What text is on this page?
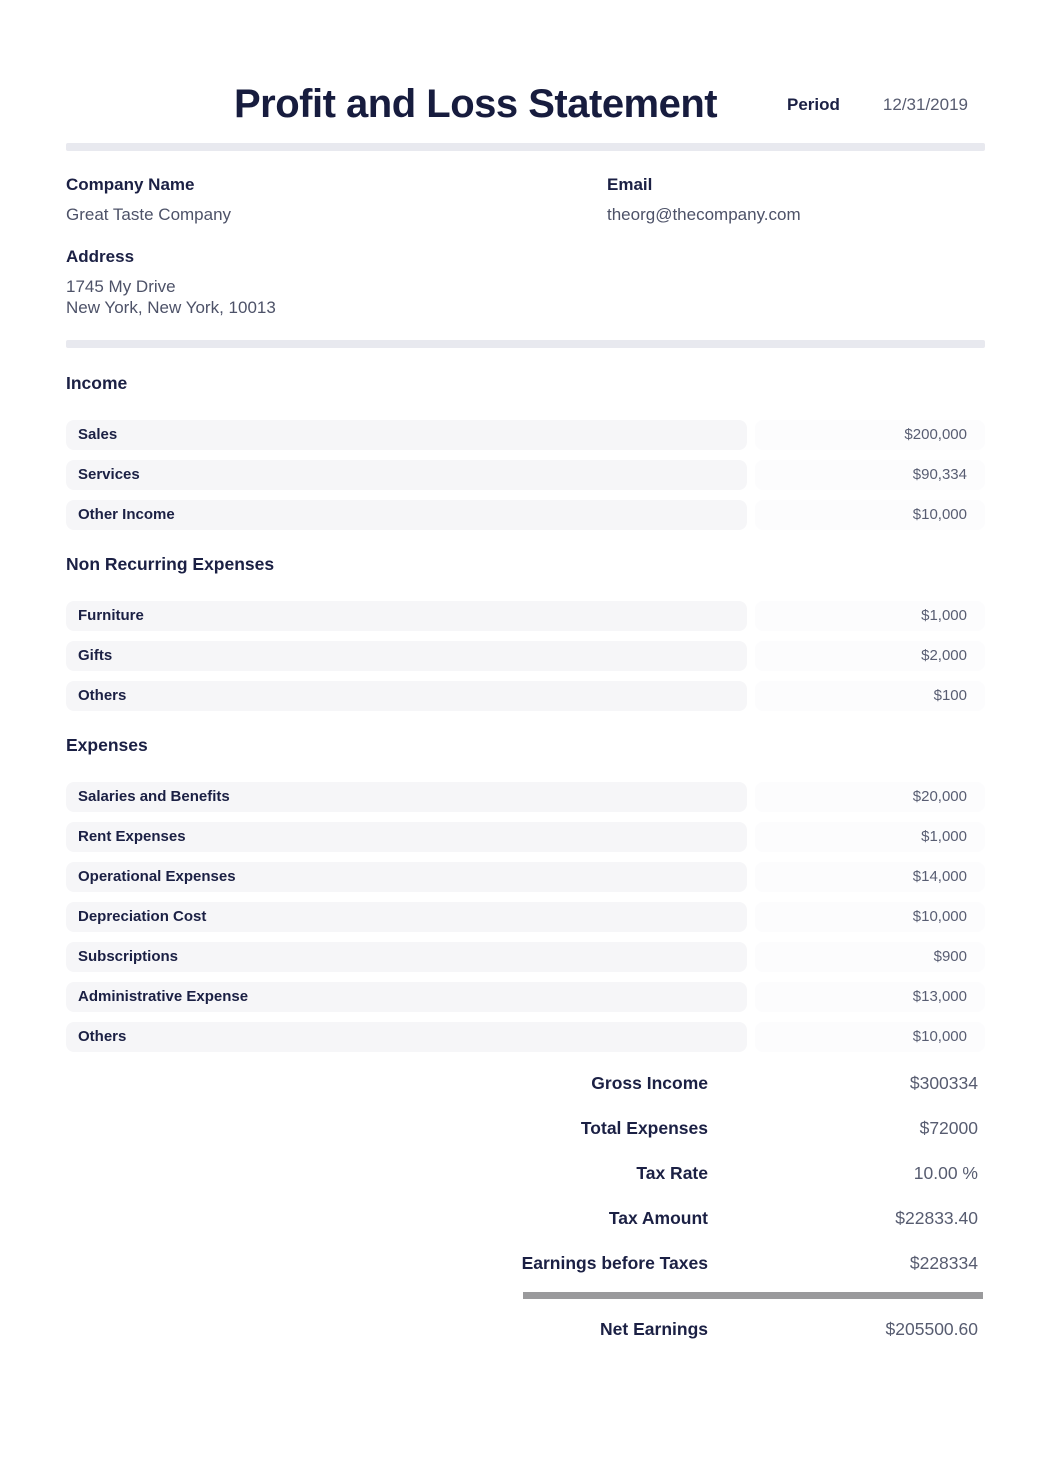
Profit and Loss Statement	Period	12/31/2019
Company Name
Great Taste Company
Address
1745 My Drive
New York, New York, 10013
Email
theorg@thecompany.com
Income
Sales	$200,000
Services	$90,334
Other Income	$10,000
Non Recurring Expenses
Furniture	$1,000
Gifts	$2,000
Others	$100
Expenses
Salaries and Benefits	$20,000
Rent Expenses	$1,000
Operational Expenses	$14,000
Depreciation Cost	$10,000
Subscriptions	$900
Administrative Expense	$13,000
Others	$10,000
Gross Income	$300334
Total Expenses	$72000
Tax Rate	10.00 %
Tax Amount	$22833.40
Earnings before Taxes	$228334
Net Earnings	$205500.60
